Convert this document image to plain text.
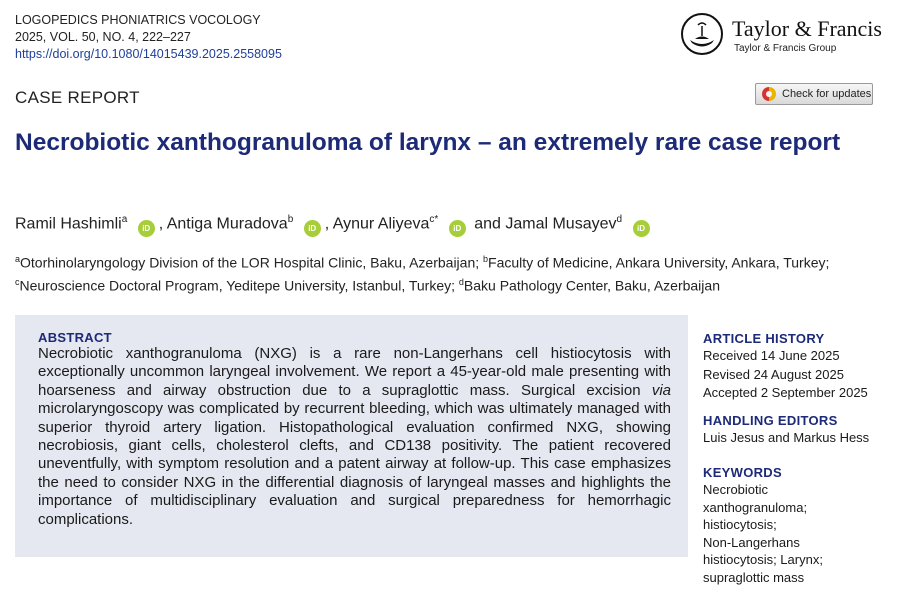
LOGOPEDICS PHONIATRICS VOCOLOGY
2025, VOL. 50, NO. 4, 222–227
https://doi.org/10.1080/14015439.2025.2558095
Taylor & Francis
Taylor & Francis Group
CASE REPORT	Check for updates
Necrobiotic xanthogranuloma of larynx – an extremely rare case report
Ramil Hashimli$^a$ iD , Antiga Muradova$^b$ iD , Aynur Aliyeva$^{c*}$ iD and Jamal Musayev$^d$ iD

$^a$Otorhinolaryngology Division of the LOR Hospital Clinic, Baku, Azerbaijan; $^b$Faculty of Medicine, Ankara University, Ankara, Turkey; $^c$Neuroscience Doctoral Program, Yeditepe University, Istanbul, Turkey; $^d$Baku Pathology Center, Baku, Azerbaijan

ABSTRACT

Necrobiotic xanthogranuloma (NXG) is a rare non-Langerhans cell histiocytosis with exceptionally uncommon laryngeal involvement. We report a 45-year-old male presenting with hoarseness and airway obstruction due to a supraglottic mass. Surgical excision via microlaryngoscopy was complicated by recurrent bleeding, which was ultimately managed with superior thyroid artery ligation. Histopathological evaluation confirmed NXG, showing necrobiosis, giant cells, cholesterol clefts, and CD138 positivity. The patient recovered uneventfully, with symptom resolution and a patent airway at follow-up. This case emphasizes the need to consider NXG in the differential diagnosis of laryngeal masses and highlights the importance of multidisciplinary evaluation and surgical preparedness for hemorrhagic complications.

ARTICLE HISTORY

Received 14 June 2025

Revised 24 August 2025

Accepted 2 September 2025

HANDLING EDITORS

Luis Jesus and Markus Hess

KEYWORDS

Necrobiotic

xanthogranuloma;

histiocytosis;

Non-Langerhans

histiocytosis; Larynx;

supraglottic mass
